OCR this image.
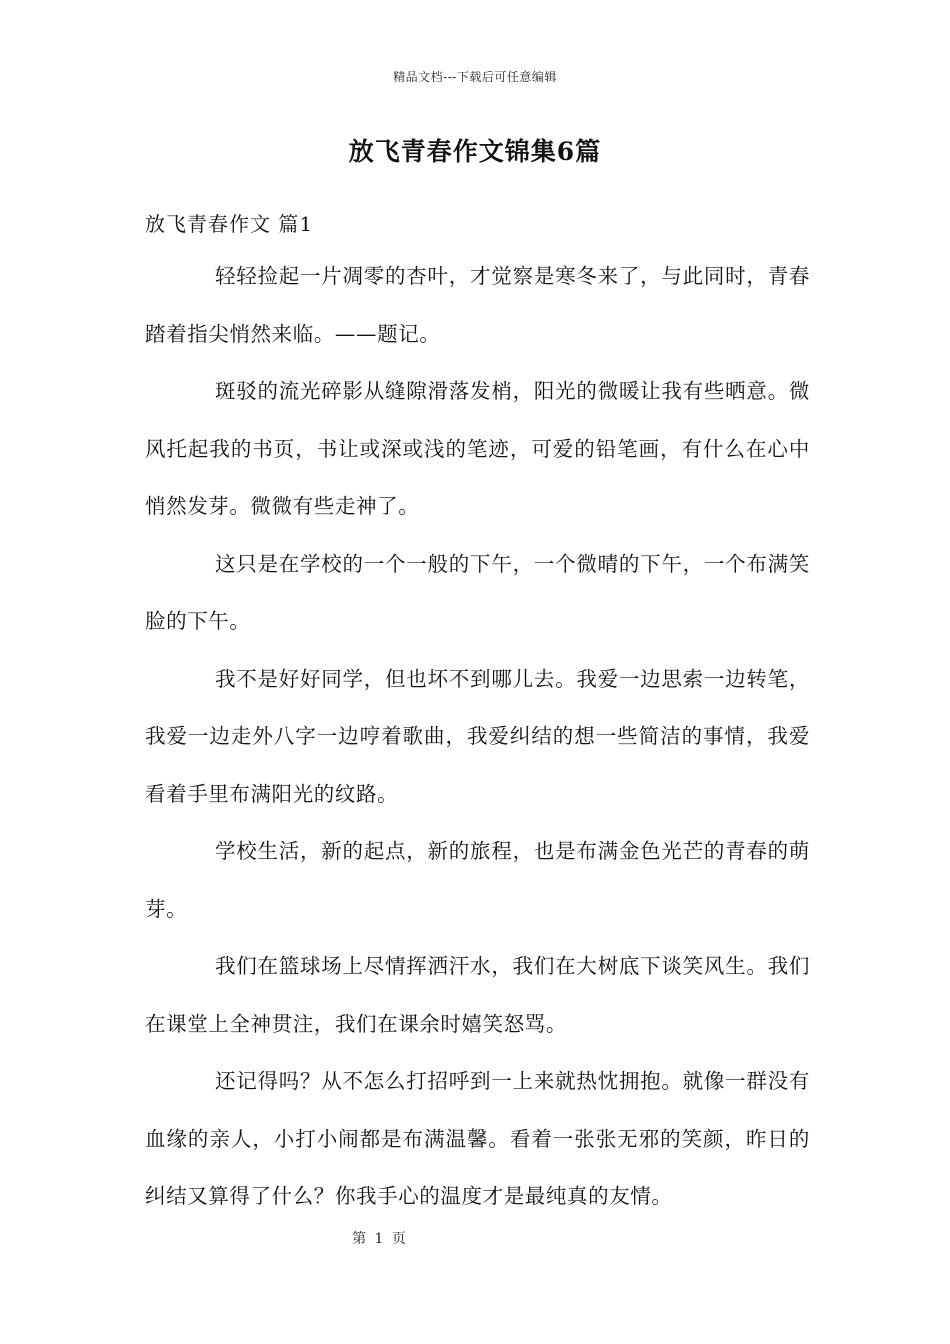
精品文档---下载后可任意编辑
放飞青春作文锦集6篇
放飞青春作文 篇1

轻轻捡起一片凋零的杏叶，才觉察是寒冬来了，与此同时，青春踏着指尖悄然来临。——题记。

斑驳的流光碎影从缝隙滑落发梢，阳光的微暖让我有些晒意。微风托起我的书页，书让或深或浅的笔迹，可爱的铅笔画，有什么在心中悄然发芽。微微有些走神了。

这只是在学校的一个一般的下午，一个微晴的下午，一个布满笑脸的下午。

我不是好好同学，但也坏不到哪儿去。我爱一边思索一边转笔，我爱一边走外八字一边哼着歌曲，我爱纠结的想一些简洁的事情，我爱看着手里布满阳光的纹路。

学校生活，新的起点，新的旅程，也是布满金色光芒的青春的萌芽。

我们在篮球场上尽情挥洒汗水，我们在大树底下谈笑风生。我们在课堂上全神贯注，我们在课余时嬉笑怒骂。

还记得吗？从不怎么打招呼到一上来就热忱拥抱。就像一群没有血缘的亲人，小打小闹都是布满温馨。看着一张张无邪的笑颜，昨日的纠结又算得了什么？你我手心的温度才是最纯真的友情。

第 1 页
